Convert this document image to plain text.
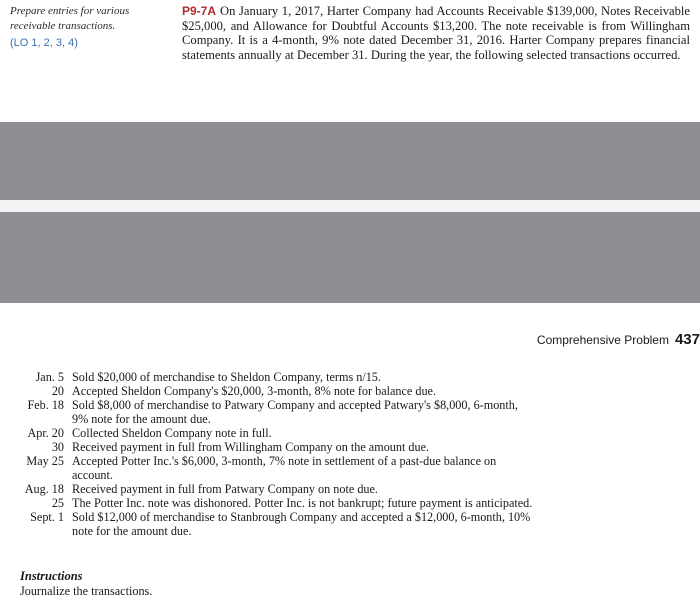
Prepare entries for various receivable transactions.
(LO 1, 2, 3, 4)
P9-7A On January 1, 2017, Harter Company had Accounts Receivable $139,000, Notes Receivable $25,000, and Allowance for Doubtful Accounts $13,200. The note receivable is from Willingham Company. It is a 4-month, 9% note dated December 31, 2016. Harter Company prepares financial statements annually at December 31. During the year, the following selected transactions occurred.
Comprehensive Problem 437
Jan. 5 Sold $20,000 of merchandise to Sheldon Company, terms n/15.
20 Accepted Sheldon Company's $20,000, 3-month, 8% note for balance due.
Feb. 18 Sold $8,000 of merchandise to Patwary Company and accepted Patwary's $8,000, 6-month, 9% note for the amount due.
Apr. 20 Collected Sheldon Company note in full.
30 Received payment in full from Willingham Company on the amount due.
May 25 Accepted Potter Inc.'s $6,000, 3-month, 7% note in settlement of a past-due balance on account.
Aug. 18 Received payment in full from Patwary Company on note due.
25 The Potter Inc. note was dishonored. Potter Inc. is not bankrupt; future payment is anticipated.
Sept. 1 Sold $12,000 of merchandise to Stanbrough Company and accepted a $12,000, 6-month, 10% note for the amount due.
Instructions
Journalize the transactions.
